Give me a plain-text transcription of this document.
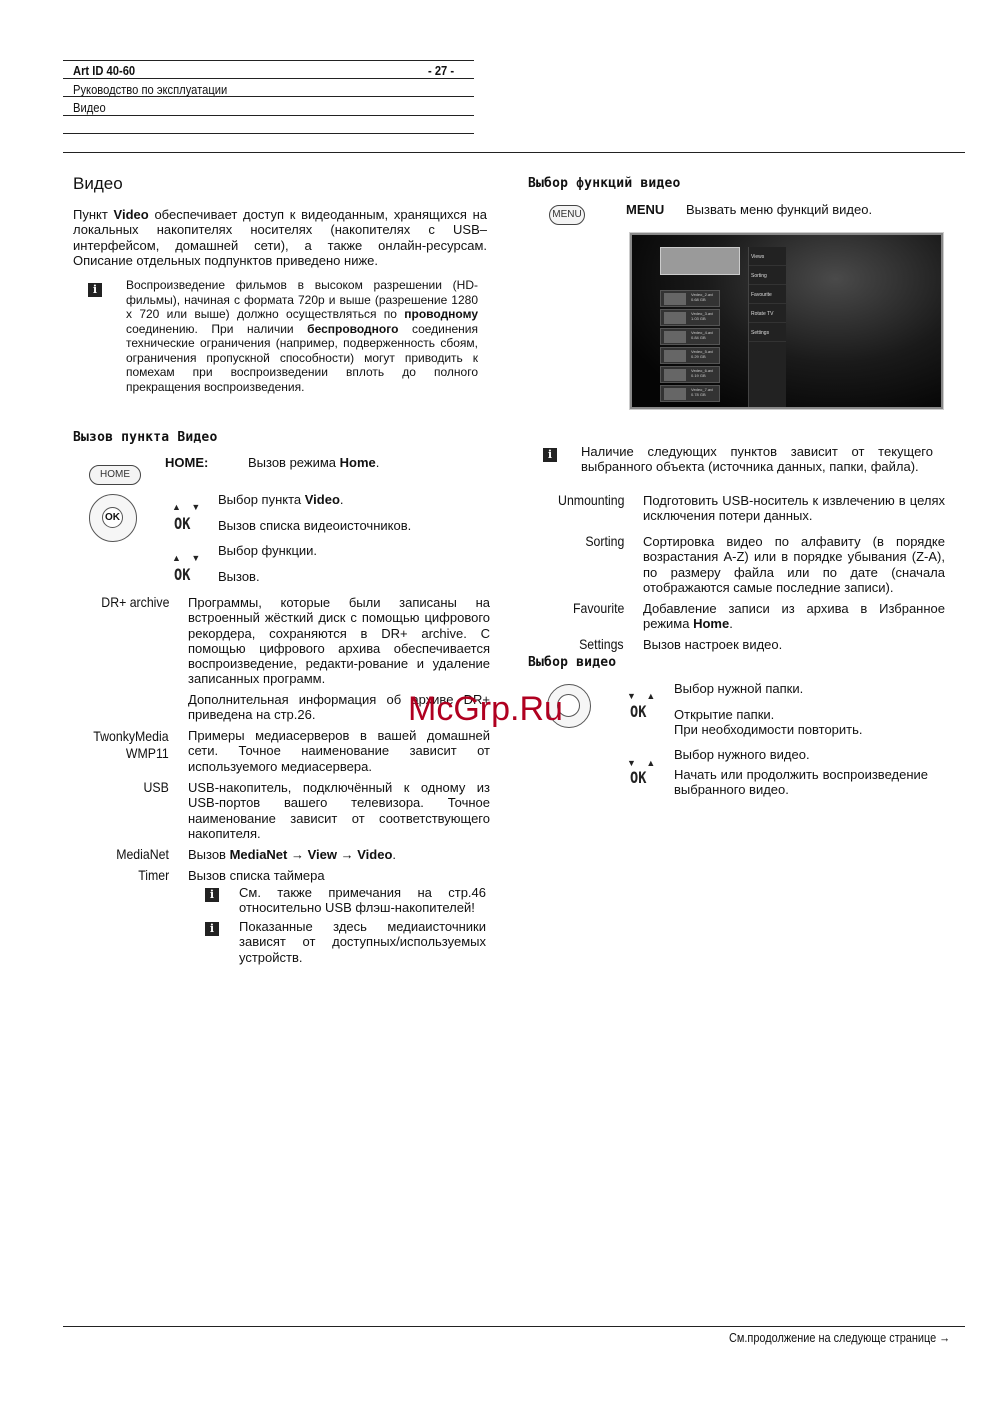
Art ID 40-60	- 27 -
Руководство по эксплуатации
Видео
Видео
Пункт Video обеспечивает доступ к видеоданным, хранящихся на локальных накопителях носителях (накопителях с USB–интерфейсом, домашней сети), а также онлайн-ресурсам. Описание отдельных подпунктов приведено ниже.
i	Воспроизведение фильмов в высоком разрешении (HD-фильмы), начиная с формата 720p и выше (разрешение 1280 x 720 или выше) должно осуществляться по проводному соединению. При наличии беспроводного соединения технические ограничения (например, подверженность сбоям, ограничения пропускной способности) могут приводить к помехам при воспроизведении вплоть до полного прекращения воспроизведения.
Вызов пункта Видео
HOME
HOME:	Вызов режима Home.
OK
▲ ▼ Выбор пункта Video.
OK Вызов списка видеоисточников.
▲ ▼ Выбор функции.
OK Вызов.
DR+ archive Программы, которые были записаны на встроенный жёсткий диск с помощью цифрового рекордера, сохраняются в DR+ archive. С помощью цифрового архива обеспечивается воспроизведение, редакти-рование и удаление записанных программ.
Дополнительная информация об архиве DR+ приведена на стр.26.
TwonkyMedia
WMP11
Примеры медиасерверов в вашей домашней сети. Точное наименование зависит от используемого медиасервера.
USB USB-накопитель, подключённый к одному из USB-портов вашего телевизора. Точное наименование зависит от соответствующего накопителя.
MediaNet Вызов MediaNet → View → Video.
Timer Вызов списка таймера
i	См. также примечания на стр.46 относительно USB флэш-накопителей!
i	Показанные здесь медиаисточники зависят от доступных/используемых устройств.
Выбор функций видео
MENU	MENU Вызвать меню функций видео.
Vedeo_2.avi 0.68 GB
Vedeo_3.avi 1.03 GB
Vedeo_4.avi 0.84 GB
Vedeo_5.avi 0.29 GB
Vedeo_6.avi 0.19 GB
Vedeo_7.avi 0.78 GB
Views
Sorting
Favourite
Rotate TV
Settings
i	Наличие следующих пунктов зависит от текущего выбранного объекта (источника данных, папки, файла).
Unmounting Подготовить USB-носитель к извлечению в целях исключения потери данных.
Sorting Сортировка видео по алфавиту (в порядке возрастания A-Z) или в порядке убывания (Z-A), по размеру файла или по дате (сначала отображаются самые последние записи).
Favourite Добавление записи из архива в Избранное режима Home.
Settings Вызов настроек видео.
Выбор видео
▼ ▲ Выбор нужной папки.
OK Открытие папки.
При необходимости повторить.
▼ ▲
Выбор нужного видео.
OK Начать или продолжить воспроизведение выбранного видео.
McGrp.Ru
См.продолжение на следующе странице →
